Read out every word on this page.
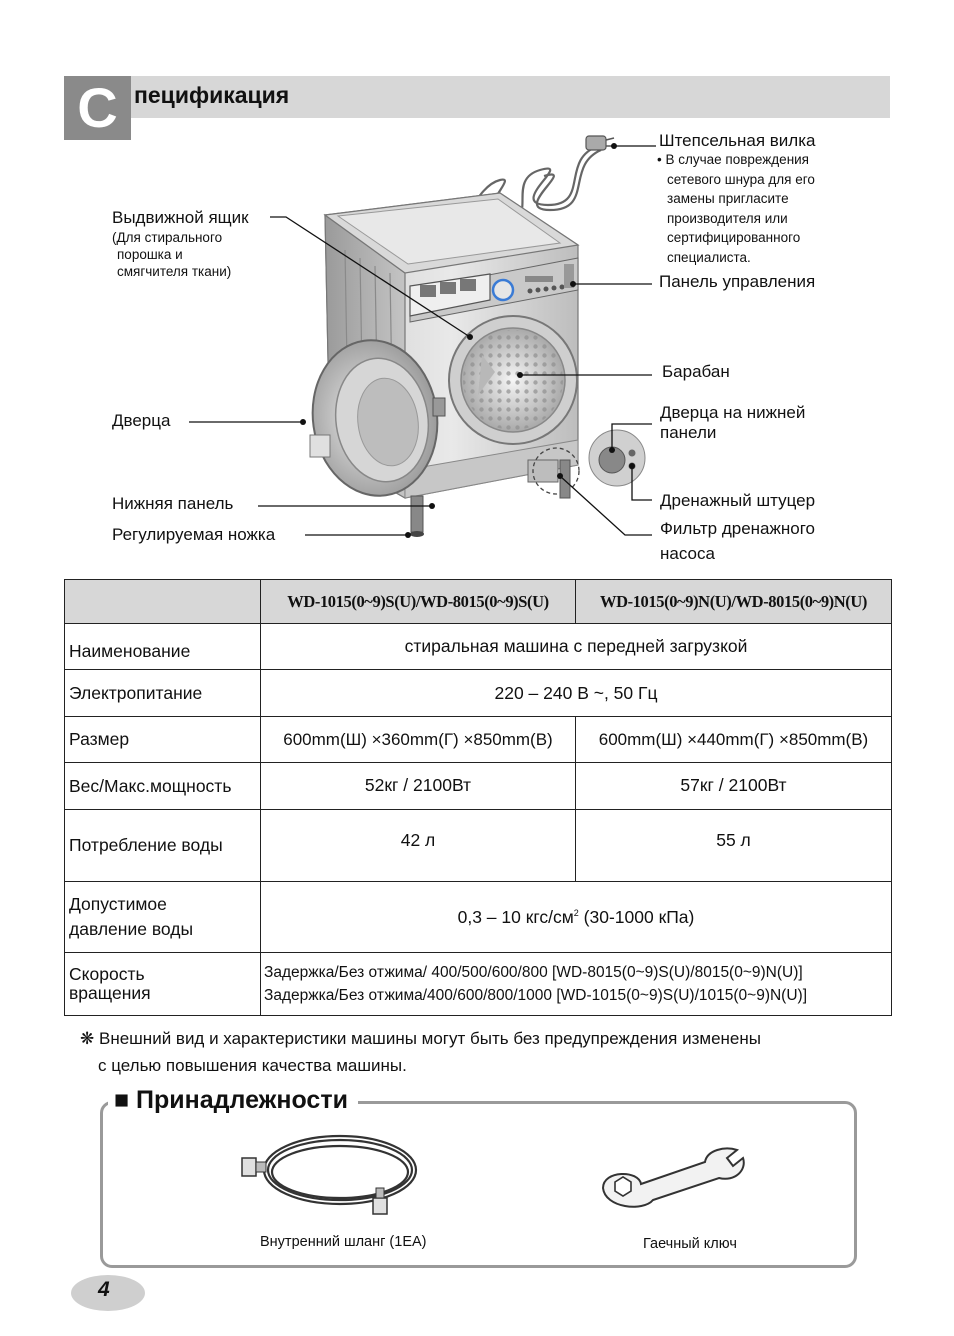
С пецификация
Штепсельная вилка
• В случае повреждения
сетевого шнура для его
замены пригласите
производителя или
сертифицированного
специалиста.
Выдвижной ящик
(Для стирального
порошка и
смягчителя ткани)
Панель управления
Барабан
Дверца	Дверца на нижней
панели
Дренажный штуцер
Нижняя панель
Фильтр дренажного
насоса
Регулируемая ножка
	WD-1015(0~9)S(U)/WD-8015(0~9)S(U)	WD-1015(0~9)N(U)/WD-8015(0~9)N(U)
Наименование	стиральная машина с передней загрузкой	
Электропитание	220 – 240 В ~, 50 Гц	
Размер	600mm(Ш) ×360mm(Г) ×850mm(В)	600mm(Ш) ×440mm(Г) ×850mm(В)
Вес/Макс.мощность	52кг / 2100Вт	57кг / 2100Вт
Потребление воды	42 л	55 л
Допустимое
давление воды	0,3 – 10 кгс/$см^2$ (30-1000 кПа)	
Скорость
вращения	Задержка/Без отжима/ 400/500/600/800 [WD-8015(0~9)S(U)/8015(0~9)N(U)]
Задержка/Без отжима/400/600/800/1000 [WD-1015(0~9)S(U)/1015(0~9)N(U)]	
❋ Внешний вид и характеристики машины могут быть без предупреждения изменены
с целью повышения качества машины.
■ Принадлежности
Внутренний шланг (1EA)	Гаечный ключ
4
